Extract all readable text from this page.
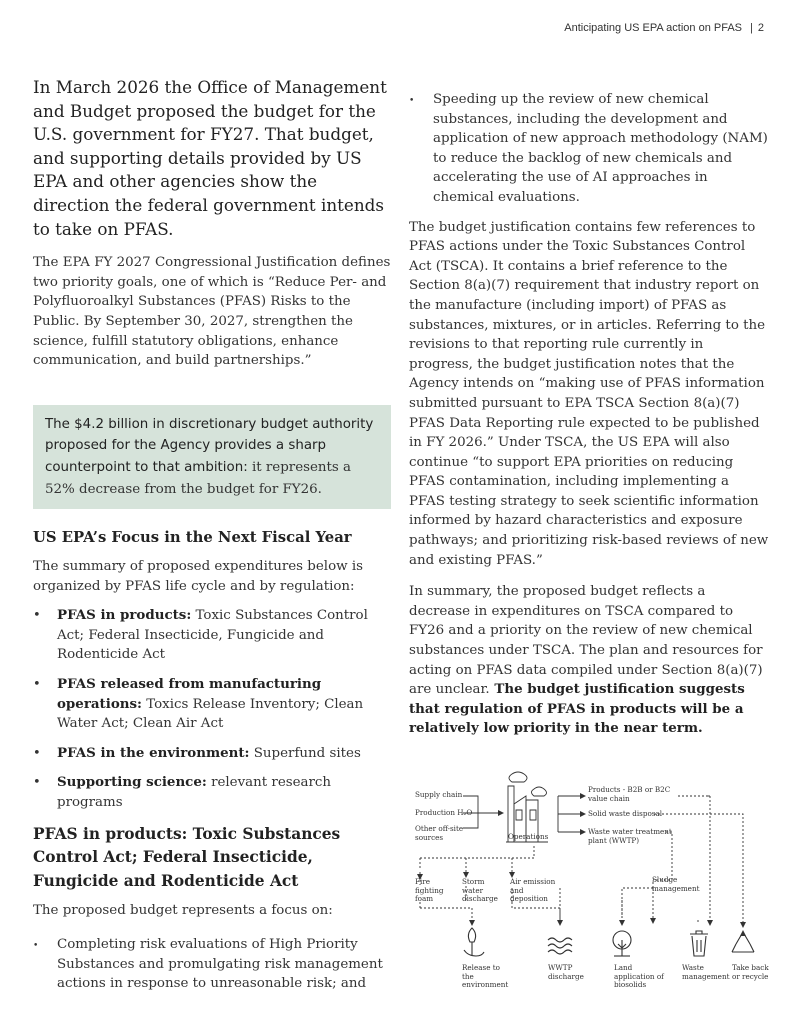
Anticipating US EPA action on PFAS | 2

In March 2026 the Office of Management and Budget proposed the budget for the U.S. government for FY27. That budget, and supporting details provided by US EPA and other agencies show the direction the federal government intends to take on PFAS.

The EPA FY 2027 Congressional Justification defines two priority goals, one of which is “Reduce Per- and Polyfluoroalkyl Substances (PFAS) Risks to the Public. By September 30, 2027, strengthen the science, fulfill statutory obligations, enhance communication, and build partnerships.”

The $4.2 billion in discretionary budget authority proposed for the Agency provides a sharp counterpoint to that ambition: it represents a 52% decrease from the budget for FY26.
US EPA’s Focus in the Next Fiscal Year

The summary of proposed expenditures below is organized by PFAS life cycle and by regulation:

• PFAS in products: Toxic Substances Control Act; Federal Insecticide, Fungicide and Rodenticide Act
• PFAS released from manufacturing operations: Toxics Release Inventory; Clean Water Act; Clean Air Act
• PFAS in the environment: Superfund sites
• Supporting science: relevant research programs
PFAS in products: Toxic Substances Control Act; Federal Insecticide, Fungicide and Rodenticide Act

The proposed budget represents a focus on:

• Completing risk evaluations of High Priority Substances and promulgating risk management actions in response to unreasonable risk; and
• Speeding up the review of new chemical substances, including the development and application of new approach methodology (NAM) to reduce the backlog of new chemicals and accelerating the use of AI approaches in chemical evaluations.

The budget justification contains few references to PFAS actions under the Toxic Substances Control Act (TSCA). It contains a brief reference to the Section 8(a)(7) requirement that industry report on the manufacture (including import) of PFAS as substances, mixtures, or in articles. Referring to the revisions to that reporting rule currently in progress, the budget justification notes that the Agency intends on “making use of PFAS information submitted pursuant to EPA TSCA Section 8(a)(7) PFAS Data Reporting rule expected to be published in FY 2026.” Under TSCA, the US EPA will also continue “to support EPA priorities on reducing PFAS contamination, including implementing a PFAS testing strategy to seek scientific information informed by hazard characteristics and exposure pathways; and prioritizing risk-based reviews of new and existing PFAS.”

In summary, the proposed budget reflects a decrease in expenditures on TSCA compared to FY26 and a priority on the review of new chemical substances under TSCA. The plan and resources for acting on PFAS data compiled under Section 8(a)(7) are unclear. The budget justification suggests that regulation of PFAS in products will be a relatively low priority in the near term.

Supply chain
Production H₂O
Other off-site sources	Operations
Products - B2B or B2C value chain
Solid waste disposal
Waste water treatment plant (WWTP)
Fire fighting foam
Storm water discharge
Air emission and deposition
Sludge management
Release to the environment
WWTP discharge
Land application of biosolids
Waste management
Take back or recycle
